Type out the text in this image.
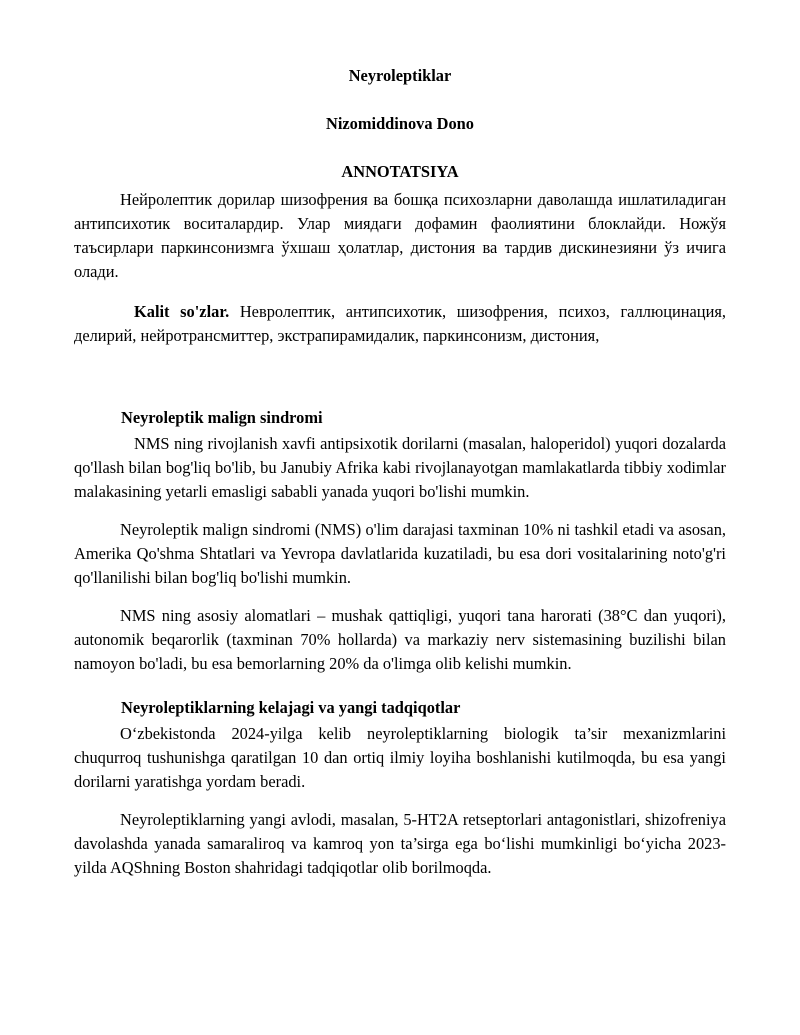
Neyroleptiklar
Nizomiddinova Dono
ANNOTATSIYA

Нейролептик дорилар шизофрения ва бошқа психозларни даволашда ишлатиладиган антипсихотик воситалардир. Улар миядаги дофамин фаолиятини блоклайди. Ножўя таъсирлари паркинсонизмга ўхшаш ҳолатлар, дистония ва тардив дискинезияни ўз ичига олади.

Kalit so'zlar. Невролептик, антипсихотик, шизофрения, психоз, галлюцинация, делирий, нейротрансмиттер, экстрапирамидалик, паркинсонизм, дистония,

Neyroleptik malign sindromi

NMS ning rivojlanish xavfi antipsixotik dorilarni (masalan, haloperidol) yuqori dozalarda qo'llash bilan bog'liq bo'lib, bu Janubiy Afrika kabi rivojlanayotgan mamlakatlarda tibbiy xodimlar malakasining yetarli emasligi sababli yanada yuqori bo'lishi mumkin.

Neyroleptik malign sindromi (NMS) o'lim darajasi taxminan 10% ni tashkil etadi va asosan, Amerika Qo'shma Shtatlari va Yevropa davlatlarida kuzatiladi, bu esa dori vositalarining noto'g'ri qo'llanilishi bilan bog'liq bo'lishi mumkin.

NMS ning asosiy alomatlari – mushak qattiqligi, yuqori tana harorati (38°C dan yuqori), autonomik beqarorlik (taxminan 70% hollarda) va markaziy nerv sistemasining buzilishi bilan namoyon bo'ladi, bu esa bemorlarning 20% da o'limga olib kelishi mumkin.

Neyroleptiklarning kelajagi va yangi tadqiqotlar

O‘zbekistonda 2024-yilga kelib neyroleptiklarning biologik ta’sir mexanizmlarini chuqurroq tushunishga qaratilgan 10 dan ortiq ilmiy loyiha boshlanishi kutilmoqda, bu esa yangi dorilarni yaratishga yordam beradi.

Neyroleptiklarning yangi avlodi, masalan, 5-HT2A retseptorlari antagonistlari, shizofreniya davolashda yanada samaraliroq va kamroq yon ta’sirga ega bo‘lishi mumkinligi bo‘yicha 2023-yilda AQShning Boston shahridagi tadqiqotlar olib borilmoqda.
